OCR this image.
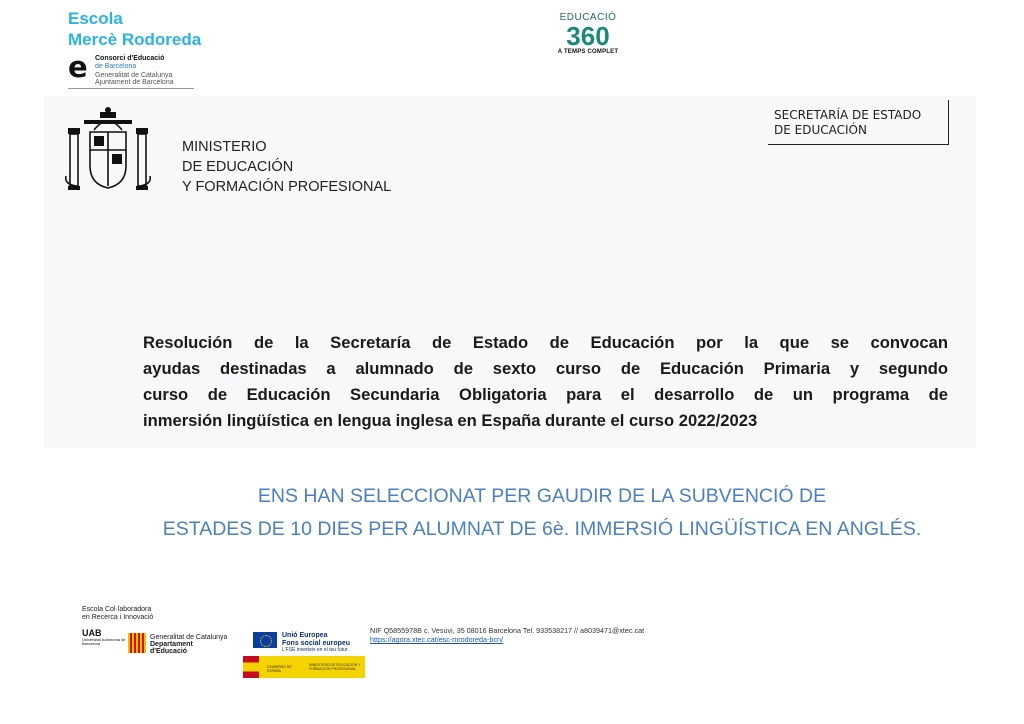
Escola
Mercè Rodoreda
e Consorci d'Educació
de Barcelona
Generalitat de Catalunya
Ajuntament de Barcelona
EDUCACIÓ
360
A TEMPS COMPLET
MINISTERIO
DE EDUCACIÓN
Y FORMACIÓN PROFESIONAL
SECRETARÍA DE ESTADO
DE EDUCACIÓN
Resolución de la Secretaría de Estado de Educación por la que se convocan
ayudas destinadas a alumnado de sexto curso de Educación Primaria y segundo
curso de Educación Secundaria Obligatoria para el desarrollo de un programa de
inmersión lingüística en lengua inglesa en España durante el curso 2022/2023
ENS HAN SELECCIONAT PER GAUDIR DE LA SUBVENCIÓ DE
ESTADES DE 10 DIES PER ALUMNAT DE 6è. IMMERSIÓ LINGÜÍSTICA EN ANGLÉS.
Escola Col·laboradora
en Recerca i Innovació
UAB
Universitat Autònoma de Barcelona
Generalitat de Catalunya
Departament
d'Educació
Unió Europea
Fons social europeu
L'FSE inverteix en el teu futur
GOBIERNO DE ESPAÑA
MINISTERIO DE EDUCACIÓN Y FORMACIÓN PROFESIONAL
NIF Q5855978B c. Vesuvi, 35 08016 Barcelona Tel. 933538217 // a8039471@xtec.cat
https://agora.xtec.cat/esc-mrodoreda-bcn/
